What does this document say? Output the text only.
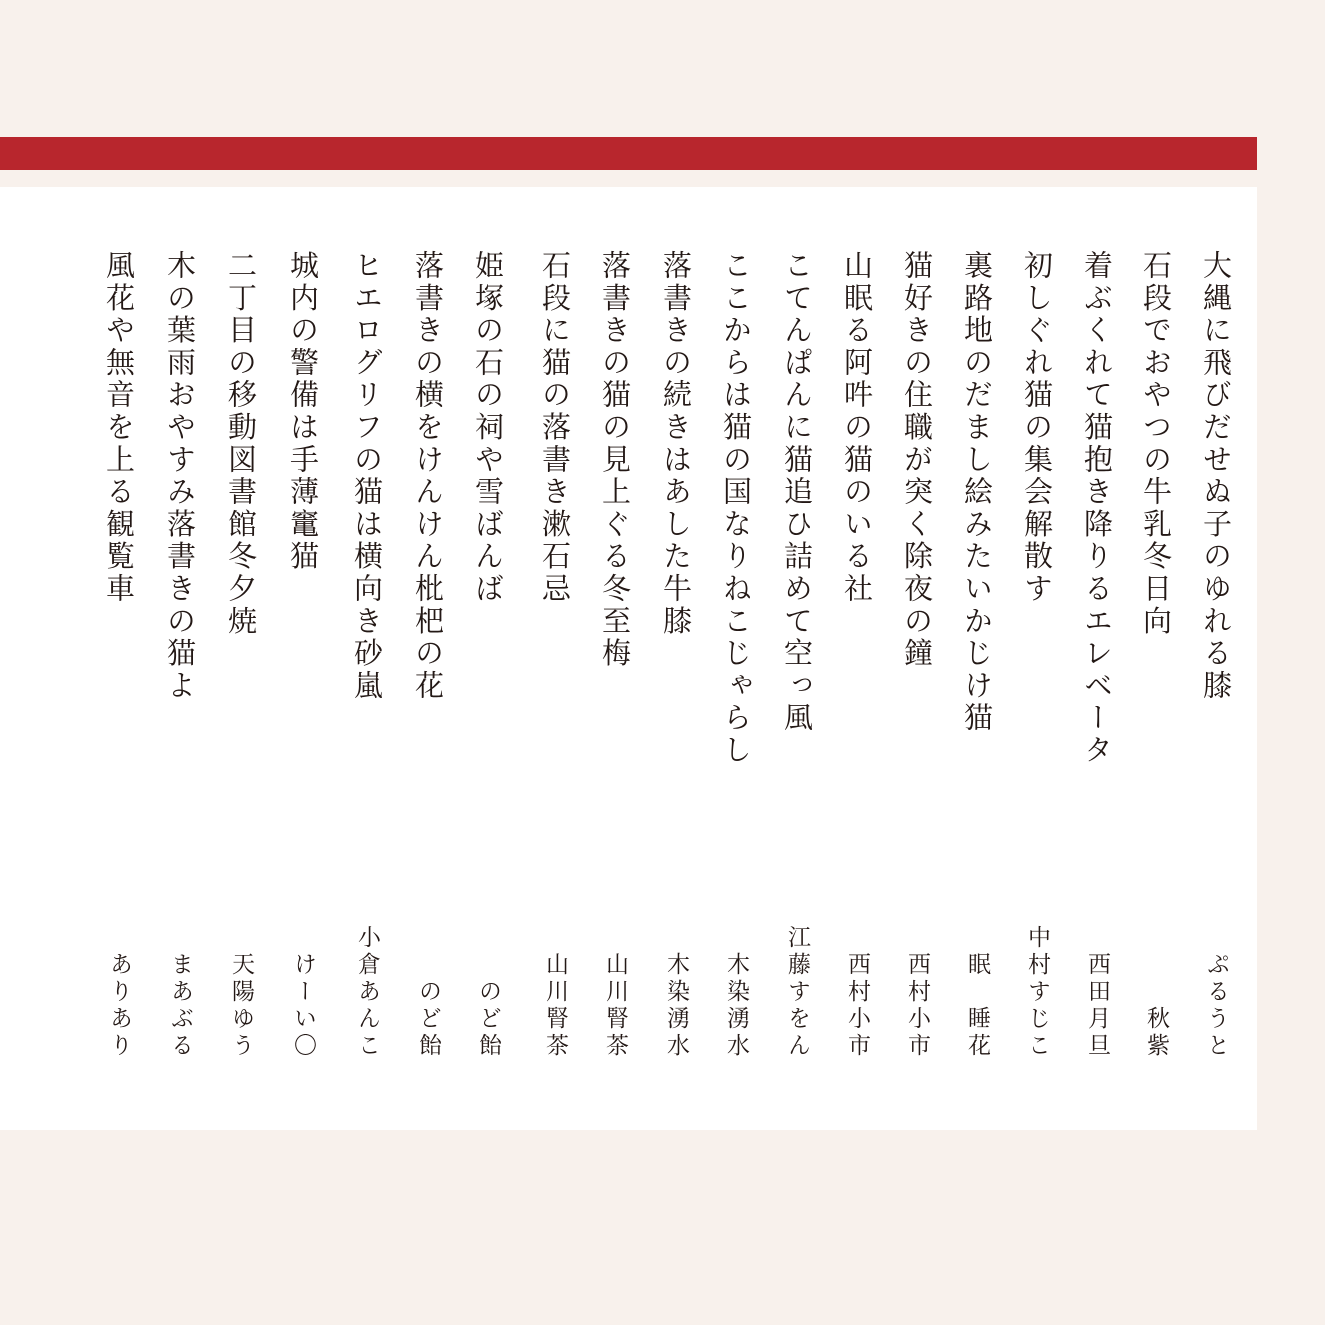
大縄に飛びだせぬ子のゆれる膝
ぷるうと
石段でおやつの牛乳冬日向
秋紫
着ぶくれて猫抱き降りるエレベータ
西田月旦
初しぐれ猫の集会解散す
中村すじこ
裏路地のだまし絵みたいかじけ猫
眠　睡花
猫好きの住職が突く除夜の鐘
西村小市
山眠る阿吽の猫のいる社
西村小市
こてんぱんに猫追ひ詰めて空っ風
江藤すをん
ここからは猫の国なりねこじゃらし
木染湧水
落書きの続きはあした牛膝
木染湧水
落書きの猫の見上ぐる冬至梅
山川腎茶
石段に猫の落書き漱石忌
山川腎茶
姫塚の石の祠や雪ばんば
のど飴
落書きの横をけんけん枇杷の花
のど飴
ヒエログリフの猫は横向き砂嵐
小倉あんこ
城内の警備は手薄竃猫
けーい〇
二丁目の移動図書館冬夕焼
天陽ゆう
木の葉雨おやすみ落書きの猫よ
まあぶる
風花や無音を上る観覧車
ありあり
